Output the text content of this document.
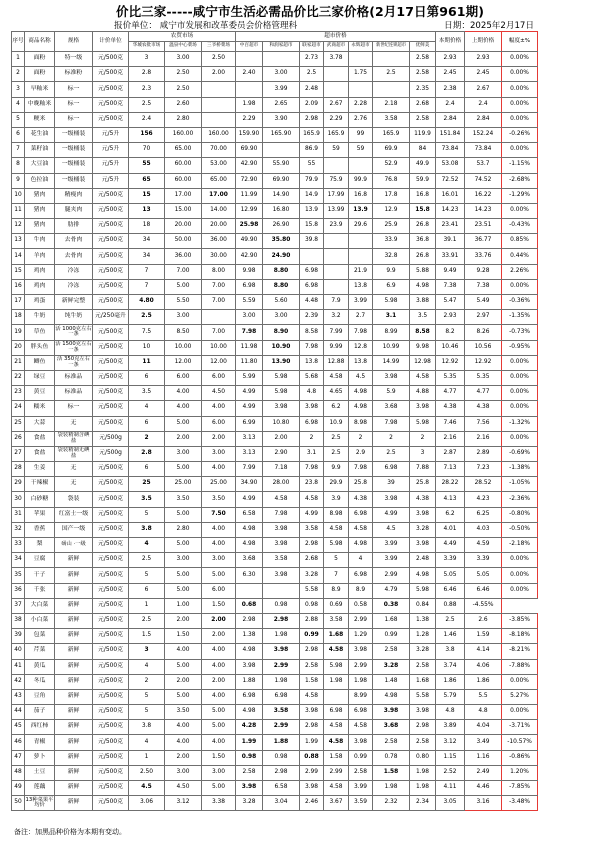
价比三家-----咸宁市生活必需品价比三家价格(2月17日第961期)
报价单位： 咸宁市发展和改革委员会价格管理科	日期：2025年2月17日
序号	商品名称	规格	计价单位	农贸市场			超市价格							本期价格	上期价格	幅度±%
				华城农批市场	温泉中心菜场	三爷桥菜场	中百超市	和润家超市	联家超市	武商超市	永辉超市	新世纪连锁超市	优鲜美			
1	面粉	特一级	元/500克	3	3.00	2.50			2.73	3.78			2.58	2.93	2.93	0.00%
2	面粉	标准粉	元/500克	2.8	2.50	2.00	2.40	3.00	2.5		1.75	2.5	2.58	2.45	2.45	0.00%
3	早籼米	标一	元/500克	2.3	2.50			3.99	2.48				2.35	2.38	2.67	0.00%
4	中晚籼米	标一	元/500克	2.5	2.60		1.98	2.65	2.09	2.67	2.28	2.18	2.68	2.4	2.4	0.00%
5	粳米	标一	元/500克	2.4	2.80		2.29	3.90	2.98	2.29	2.76	3.58	2.58	2.84	2.84	0.00%
6	花生油	一级桶装	元/5升	156	160.00	160.00	159.90	165.90	165.9	165.9	99	165.9	119.9	151.84	152.24	-0.26%
7	菜籽油	一级桶装	元/5升	70	65.00	70.00	69.90		86.9	59	59	69.9	84	73.84	73.84	0.00%
8	大豆油	一级桶装	元/5升	55	60.00	53.00	42.90	55.90	55			52.9	49.9	53.08	53.7	-1.15%
9	色拉油	一级桶装	元/5升	65	60.00	65.00	72.90	69.90	79.9	75.9	99.9	76.8	59.9	72.52	74.52	-2.68%
10	猪肉	精瘦肉	元/500克	15	17.00	17.00	11.99	14.90	14.9	17.99	16.8	17.8	16.8	16.01	16.22	-1.29%
11	猪肉	腿夹肉	元/500克	13	15.00	14.00	12.99	16.80	13.9	13.99	13.9	12.9	15.8	14.23	14.23	0.00%
12	猪肉	肋排	元/500克	18	20.00	20.00	25.98	26.90	15.8	23.9	29.6	25.9	26.8	23.41	23.51	-0.43%
13	牛肉	去骨肉	元/500克	34	50.00	36.00	49.90	35.80	39.8			33.9	36.8	39.1	36.77	0.85%
14	羊肉	去骨肉	元/500克	34	36.00	30.00	42.90	24.90				32.8	26.8	33.91	33.76	0.44%
15	鸡肉	冷冻	元/500克	7	7.00	8.00	9.98	8.80	6.98		21.9	9.9	5.88	9.49	9.28	2.26%
16	鸡肉	冷冻	元/500克	7	5.00	7.00	6.98	8.80	6.98		13.8	6.9	4.98	7.38	7.38	0.00%
17	鸡蛋	新鲜完整	元/500克	4.80	5.50	7.00	5.59	5.60	4.48	7.9	3.99	5.98	3.88	5.47	5.49	-0.36%
18	牛奶	纯牛奶	元/250毫升	2.5	3.00		3.00	3.00	2.39	3.2	2.7	3.1	3.5	2.93	2.97	-1.35%
19	草鱼	活 1000克左右一条	元/500克	7.5	8.50	7.00	7.98	8.90	8.58	7.99	7.98	8.99	8.58	8.2	8.26	-0.73%
20	胖头鱼	活 1500克左右一条	元/500克	10	10.00	10.00	11.98	10.90	7.98	9.99	12.8	10.99	9.98	10.46	10.56	-0.95%
21	鲫鱼	活 350克左右一条	元/500克	11	12.00	12.00	11.80	13.90	13.8	12.88	13.8	14.99	12.98	12.92	12.92	0.00%
22	绿豆	标准品	元/500克	6	6.00	6.00	5.99	5.98	5.68	4.58	4.5	3.98	4.58	5.35	5.35	0.00%
23	黄豆	标准品	元/500克	3.5	4.00	4.50	4.99	5.98	4.8	4.65	4.98	5.9	4.88	4.77	4.77	0.00%
24	糯米	标一	元/500克	4	4.00	4.00	4.99	3.98	3.98	6.2	4.98	3.68	3.98	4.38	4.38	0.00%
25	大蒜	无	元/500克	6	5.00	6.00	6.99	10.80	6.98	10.9	8.98	7.98	5.98	7.46	7.56	-1.32%
26	食盐	袋装精制含碘盐	元/500g	2	2.00	2.00	3.13	2.00	2	2.5	2	2	2	2.16	2.16	0.00%
27	食盐	袋装精制无碘盐	元/500g	2.8	3.00	3.00	3.13	2.90	3.1	2.5	2.9	2.5	3	2.87	2.89	-0.69%
28	生姜	无	元/500克	6	5.00	4.00	7.99	7.18	7.98	9.9	7.98	6.98	7.88	7.13	7.23	-1.38%
29	干辣椒	无	元/500克	25	25.00	25.00	34.90	28.00	23.8	29.9	25.8	39	25.8	28.22	28.52	-1.05%
30	白砂糖	袋装	元/500克	3.5	3.50	3.50	4.99	4.58	4.58	3.9	4.38	3.98	4.38	4.13	4.23	-2.36%
31	苹果	红富士一级	元/500克	5	5.00	7.50	6.58	7.98	4.99	8.98	6.98	4.99	3.98	6.2	6.25	-0.80%
32	香蕉	国产一级	元/500克	3.8	2.80	4.00	4.98	3.98	3.58	4.58	4.58	4.5	3.28	4.01	4.03	-0.50%
33	梨	砀山 ·一级	元/500克	4	5.00	4.00	4.98	3.98	2.98	5.98	4.98	3.99	3.98	4.49	4.59	-2.18%
34	豆腐	新鲜	元/500克	2.5	3.00	3.00	3.68	3.58	2.68	5	4	3.99	2.48	3.39	3.39	0.00%
35	干子	新鲜	元/500克	5	5.00	5.00	6.30	3.98	3.28	7	6.98	2.99	4.98	5.05	5.05	0.00%
36	千张	新鲜	元/500克	6	5.00	6.00			5.58	8.9	8.9	4.79	5.98	6.46	6.46	0.00%
37	大白菜	新鲜	元/500克	1	1.00	1.50	0.68	0.98	0.98	0.69	0.58	0.38	0.84	0.88	-4.55%	
38	小白菜	新鲜	元/500克	2.5	2.00	2.00	2.98	2.98	2.88	3.58	2.99	1.68	1.38	2.5	2.6	-3.85%
39	包菜	新鲜	元/500克	1.5	1.50	2.00	1.38	1.98	0.99	1.68	1.29	0.99	1.28	1.46	1.59	-8.18%
40	芹菜	新鲜	元/500克	3	4.00	4.00	4.98	3.98	2.98	4.58	3.98	2.58	3.28	3.8	4.14	-8.21%
41	黄瓜	新鲜	元/500克	4	5.00	4.00	3.98	2.99	2.58	5.98	2.99	3.28	2.58	3.74	4.06	-7.88%
42	冬瓜	新鲜	元/500克	2	2.00	2.00	1.88	1.98	1.58	1.98	1.98	1.48	1.68	1.86	1.86	0.00%
43	豆角	新鲜	元/500克	5	5.00	4.00	6.98	6.98	4.58		8.99	4.98	5.58	5.79	5.5	5.27%
44	茄子	新鲜	元/500克	5	3.50	5.00	4.98	3.58	3.98	6.98	6.98	3.98	3.98	4.8	4.8	0.00%
45	西红柿	新鲜	元/500克	3.8	4.00	5.00	4.28	2.99	2.98	4.58	4.58	3.68	2.98	3.89	4.04	-3.71%
46	青椒	新鲜	元/500克	4	4.00	4.00	1.99	1.88	1.99	4.58	3.98	2.58	2.58	3.12	3.49	-10.57%
47	萝卜	新鲜	元/500克	1	2.00	1.50	0.98	0.98	0.88	1.58	0.99	0.78	0.80	1.15	1.16	-0.86%
48	土豆	新鲜	元/500克	2.50	3.00	3.00	2.58	2.98	2.99	2.99	2.58	1.58	1.98	2.52	2.49	1.20%
49	莲藕	新鲜	元/500克	4.5	4.50	5.00	3.98	6.58	3.98	4.58	3.99	1.98	1.98	4.11	4.46	-7.85%
50	13种菜果平均价	新鲜	元/500克	3.06	3.12	3.38	3.28	3.04	2.46	3.67	3.59	2.32	2.34	3.05	3.16	-3.48%
备注：加黑品种价格为本期有变动。
